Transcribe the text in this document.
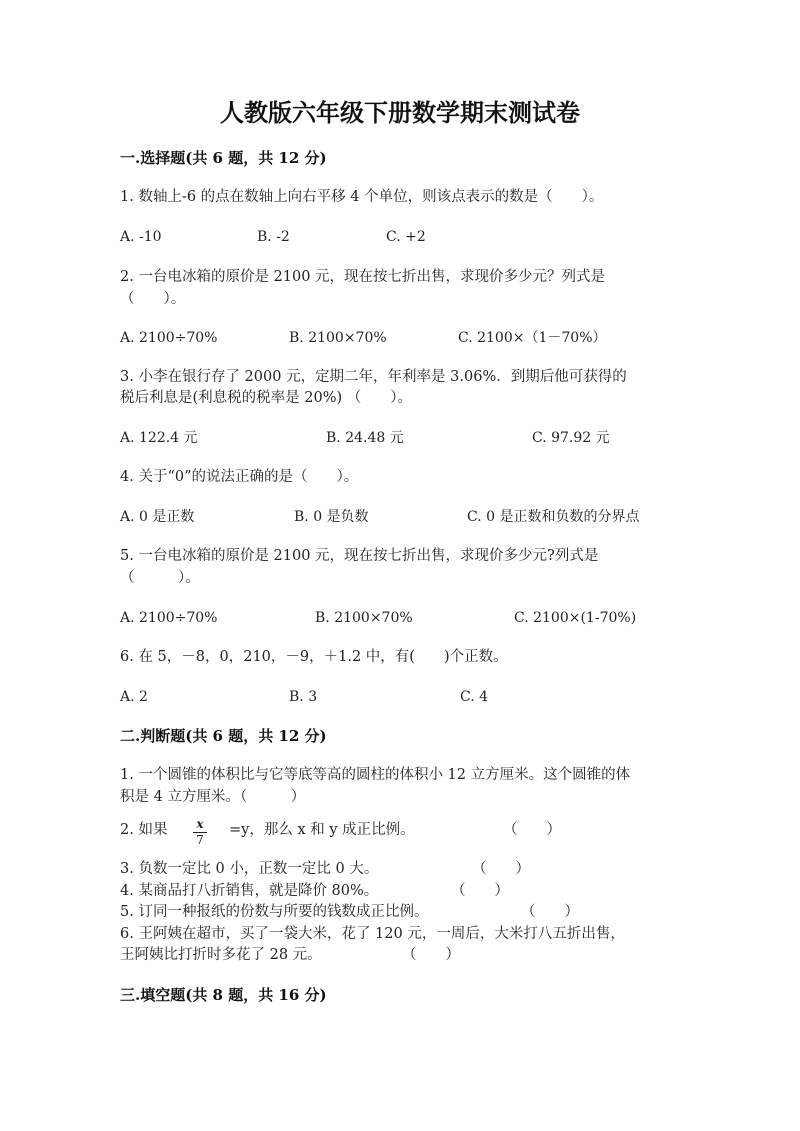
人教版六年级下册数学期末测试卷
一.选择题(共 6 题，共 12 分)
1. 数轴上-6 的点在数轴上向右平移 4 个单位，则该点表示的数是（　　）。
A. -10	B. -2	C. +2
2. 一台电冰箱的原价是 2100 元，现在按七折出售，求现价多少元？列式是
（　　）。
A. 2100÷70%	B. 2100×70%	C. 2100×（1－70%）
3. 小李在银行存了 2000 元，定期二年，年利率是 3.06%．到期后他可获得的
税后利息是(利息税的税率是 20%) （　　）。
A. 122.4 元	B. 24.48 元	C. 97.92 元
4. 关于“0”的说法正确的是（　　）。
A. 0 是正数	B. 0 是负数	C. 0 是正数和负数的分界点
5. 一台电冰箱的原价是 2100 元，现在按七折出售，求现价多少元?列式是
（　　　）。
A. 2100÷70%	B. 2100×70%	C. 2100×(1-70%)
6. 在 5，－8，0，210，－9，＋1.2 中，有(　　)个正数。
A. 2	B. 3	C. 4
二.判断题(共 6 题，共 12 分)
1. 一个圆锥的体积比与它等底等高的圆柱的体积小 12 立方厘米。这个圆锥的体
积是 4 立方厘米。（　　　）
2. 如果 x
7
=y，那么 x 和 y 成正比例。	（　　）
3. 负数一定比 0 小，正数一定比 0 大。	（　　）
4. 某商品打八折销售，就是降价 80%。	（　　）
5. 订同一种报纸的份数与所要的钱数成正比例。	（　　）
6. 王阿姨在超市，买了一袋大米，花了 120 元，一周后，大米打八五折出售，
王阿姨比打折时多花了 28 元。	（　　）
三.填空题(共 8 题，共 16 分)
